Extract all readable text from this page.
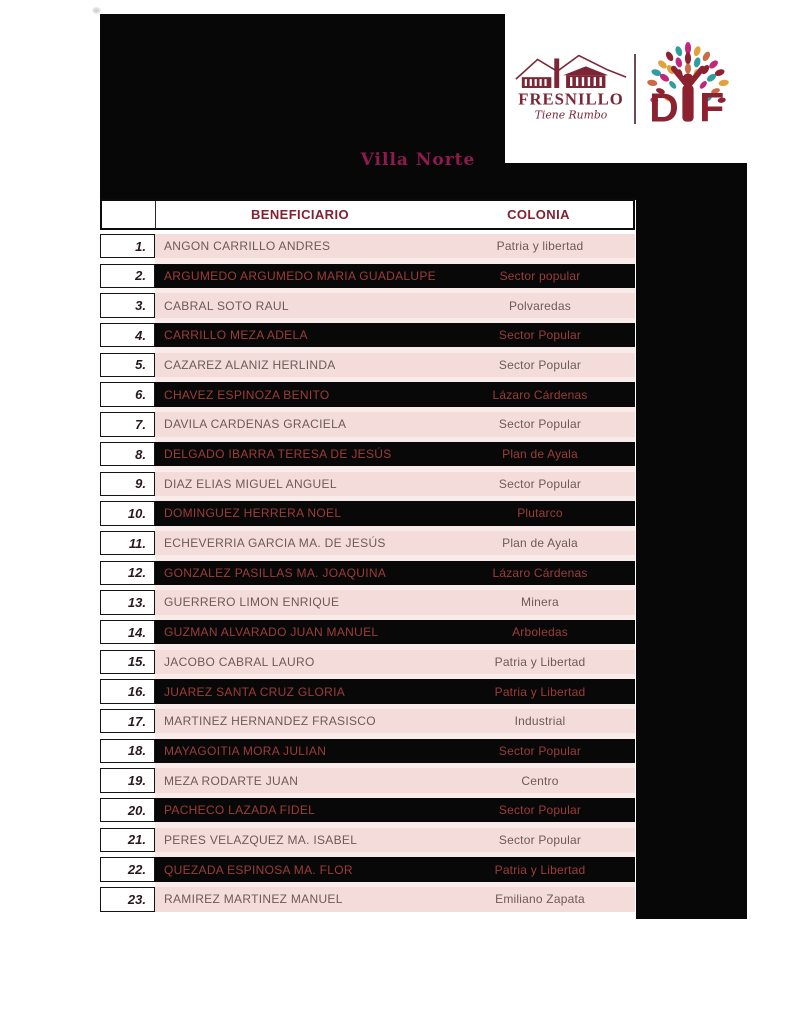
FRESNILLO
Tiene Rumbo D F
Villa Norte
BENEFICIARIO	COLONIA
1.	ANGON CARRILLO ANDRES	Patria y libertad
2.	ARGUMEDO ARGUMEDO MARIA GUADALUPE	Sector popular
3.	CABRAL SOTO RAUL	Polvaredas
4.	CARRILLO MEZA ADELA	Sector Popular
5.	CAZAREZ ALANIZ HERLINDA	Sector Popular
6.	CHAVEZ ESPINOZA BENITO	Lázaro Cárdenas
7.	DAVILA CARDENAS GRACIELA	Sector Popular
8.	DELGADO IBARRA TERESA DE JESÚS	Plan de Ayala
9.	DIAZ ELIAS MIGUEL ANGUEL	Sector Popular
10.	DOMINGUEZ HERRERA NOEL	Plutarco
11.	ECHEVERRIA GARCIA MA. DE JESÚS	Plan de Ayala
12.	GONZALEZ PASILLAS MA. JOAQUINA	Lázaro Cárdenas
13.	GUERRERO LIMON ENRIQUE	Minera
14.	GUZMAN ALVARADO JUAN MANUEL	Arboledas
15.	JACOBO CABRAL LAURO	Patria y Libertad
16.	JUAREZ SANTA CRUZ GLORIA	Patria y Libertad
17.	MARTINEZ HERNANDEZ FRASISCO	Industrial
18.	MAYAGOITIA MORA JULIAN	Sector Popular
19.	MEZA RODARTE JUAN	Centro
20.	PACHECO LAZADA FIDEL	Sector Popular
21.	PERES VELAZQUEZ MA. ISABEL	Sector Popular
22.	QUEZADA ESPINOSA MA. FLOR	Patria y Libertad
23.	RAMIREZ MARTINEZ MANUEL	Emiliano Zapata
